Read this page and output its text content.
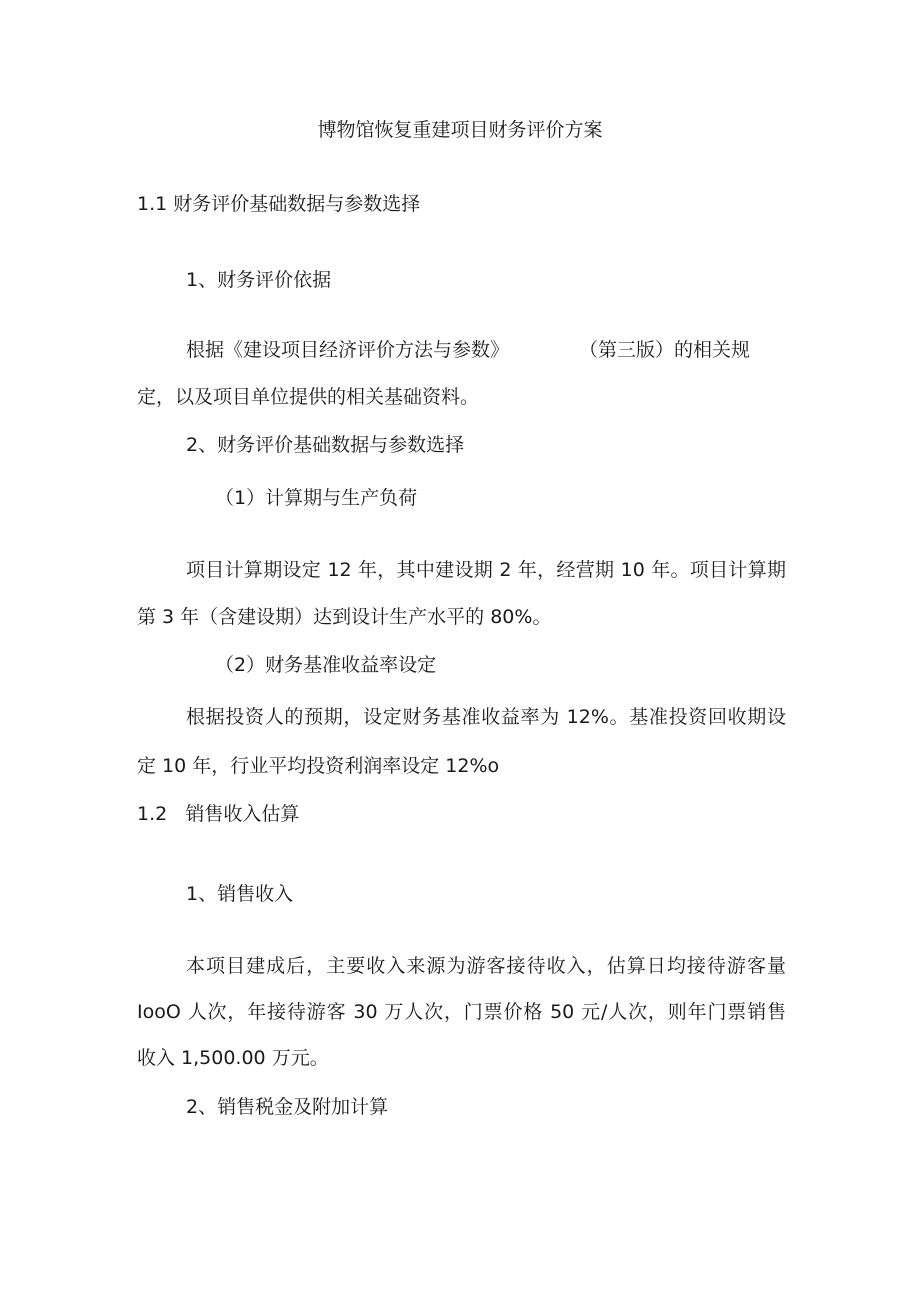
博物馆恢复重建项目财务评价方案

1.1 财务评价基础数据与参数选择

1、财务评价依据

根据《建设项目经济评价方法与参数》	（第三版）的相关规

定，以及项目单位提供的相关基础资料。

2、财务评价基础数据与参数选择

（1）计算期与生产负荷

项目计算期设定 12 年，其中建设期 2 年，经营期 10 年。项目计算期

第 3 年（含建设期）达到设计生产水平的 80%。

（2）财务基准收益率设定

根据投资人的预期，设定财务基准收益率为 12%。基准投资回收期设

定 10 年，行业平均投资利润率设定 12%o

1.2   销售收入估算

1、销售收入

本项目建成后，主要收入来源为游客接待收入，估算日均接待游客量

IooO 人次，年接待游客 30 万人次，门票价格 50 元/人次，则年门票销售

收入 1,500.00 万元。

2、销售税金及附加计算
